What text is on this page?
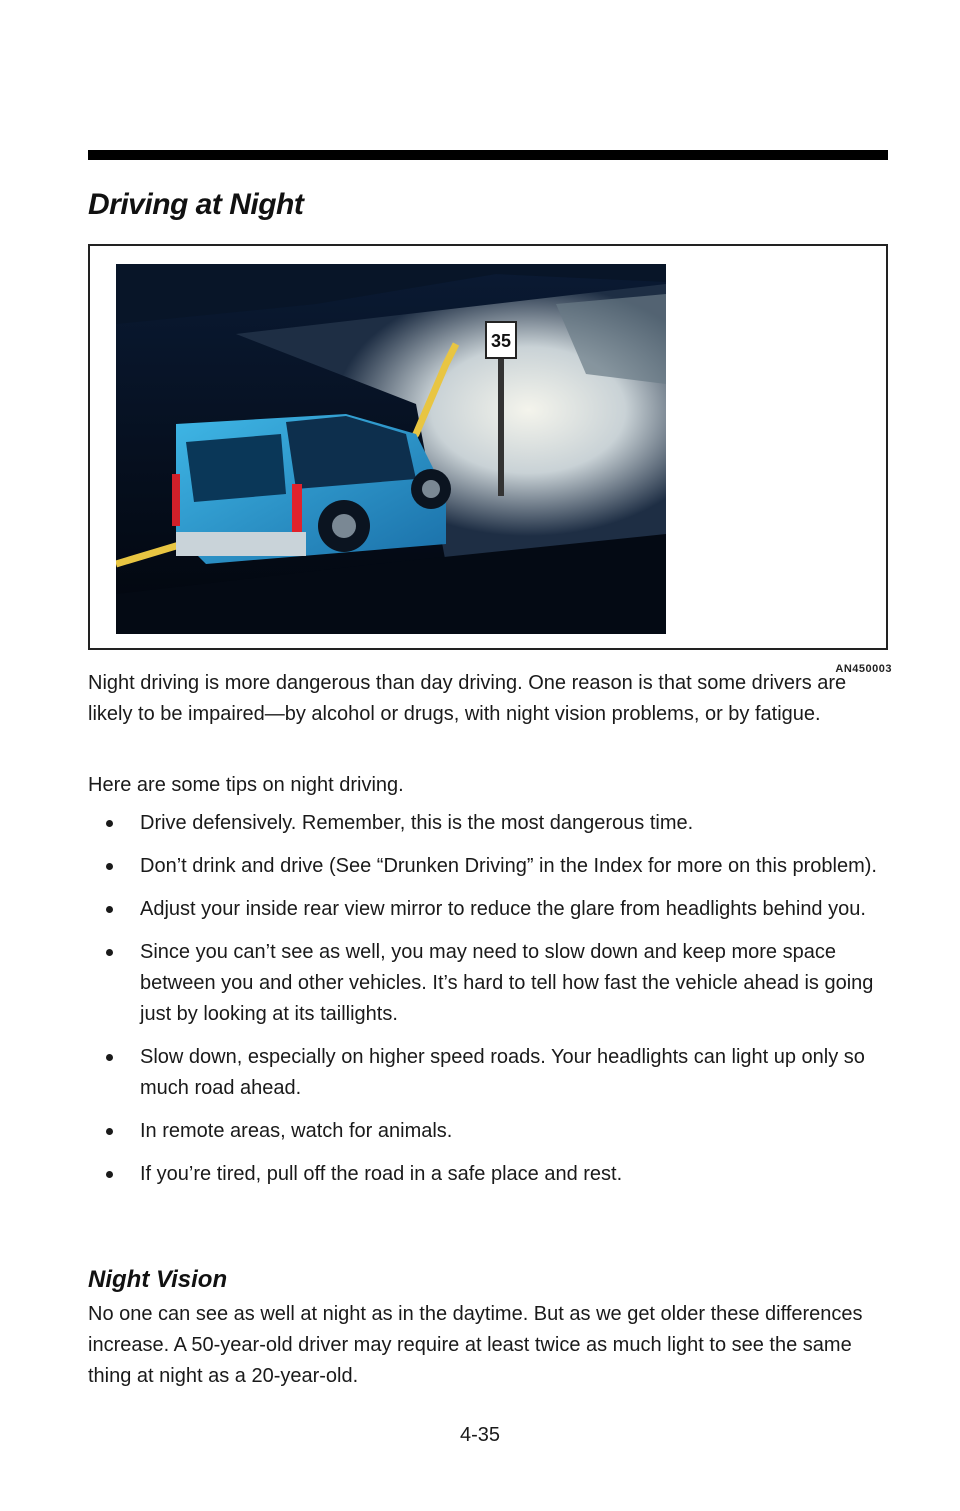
Driving at Night
35
AN450003

Night driving is more dangerous than day driving. One reason is that some drivers are likely to be impaired—by alcohol or drugs, with night vision problems, or by fatigue.

Here are some tips on night driving.

Drive defensively. Remember, this is the most dangerous time.
Don’t drink and drive (See “Drunken Driving” in the Index for more on this problem).
Adjust your inside rear view mirror to reduce the glare from headlights behind you.
Since you can’t see as well, you may need to slow down and keep more space between you and other vehicles. It’s hard to tell how fast the vehicle ahead is going just by looking at its taillights.
Slow down, especially on higher speed roads. Your headlights can light up only so much road ahead.
In remote areas, watch for animals.
If you’re tired, pull off the road in a safe place and rest.
Night Vision

No one can see as well at night as in the daytime. But as we get older these differences increase. A 50-year-old driver may require at least twice as much light to see the same thing at night as a 20-year-old.

4-35
